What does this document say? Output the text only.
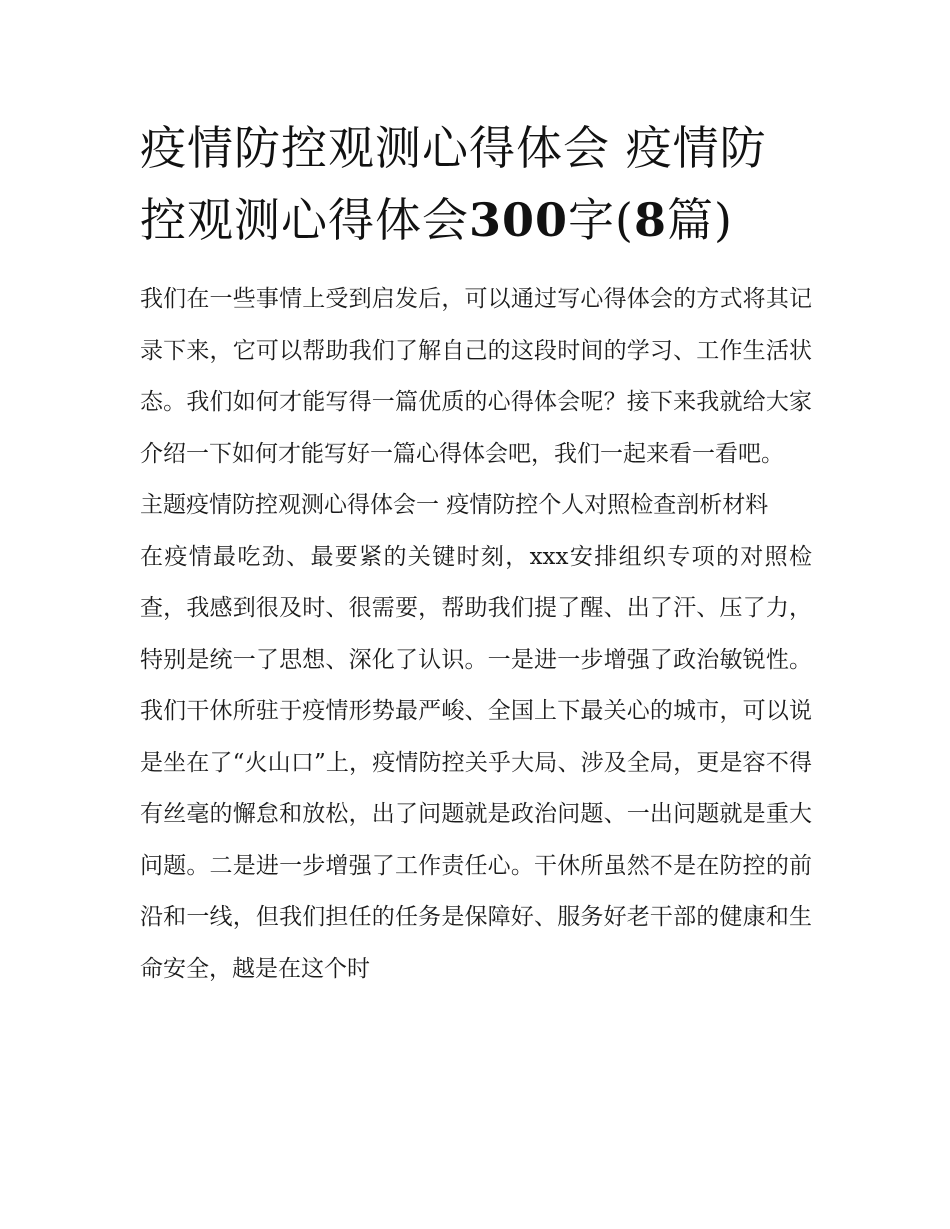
疫情防控观测心得体会 疫情防控观测心得体会300字(8篇)

我们在一些事情上受到启发后，可以通过写心得体会的方式将其记录下来，它可以帮助我们了解自己的这段时间的学习、工作生活状态。我们如何才能写得一篇优质的心得体会呢？接下来我就给大家介绍一下如何才能写好一篇心得体会吧，我们一起来看一看吧。

主题疫情防控观测心得体会一 疫情防控个人对照检查剖析材料

在疫情最吃劲、最要紧的关键时刻，xxx安排组织专项的对照检查，我感到很及时、很需要，帮助我们提了醒、出了汗、压了力，特别是统一了思想、深化了认识。一是进一步增强了政治敏锐性。我们干休所驻于疫情形势最严峻、全国上下最关心的城市，可以说是坐在了“火山口”上，疫情防控关乎大局、涉及全局，更是容不得有丝毫的懈怠和放松，出了问题就是政治问题、一出问题就是重大问题。二是进一步增强了工作责任心。干休所虽然不是在防控的前沿和一线，但我们担任的任务是保障好、服务好老干部的健康和生命安全，越是在这个时
